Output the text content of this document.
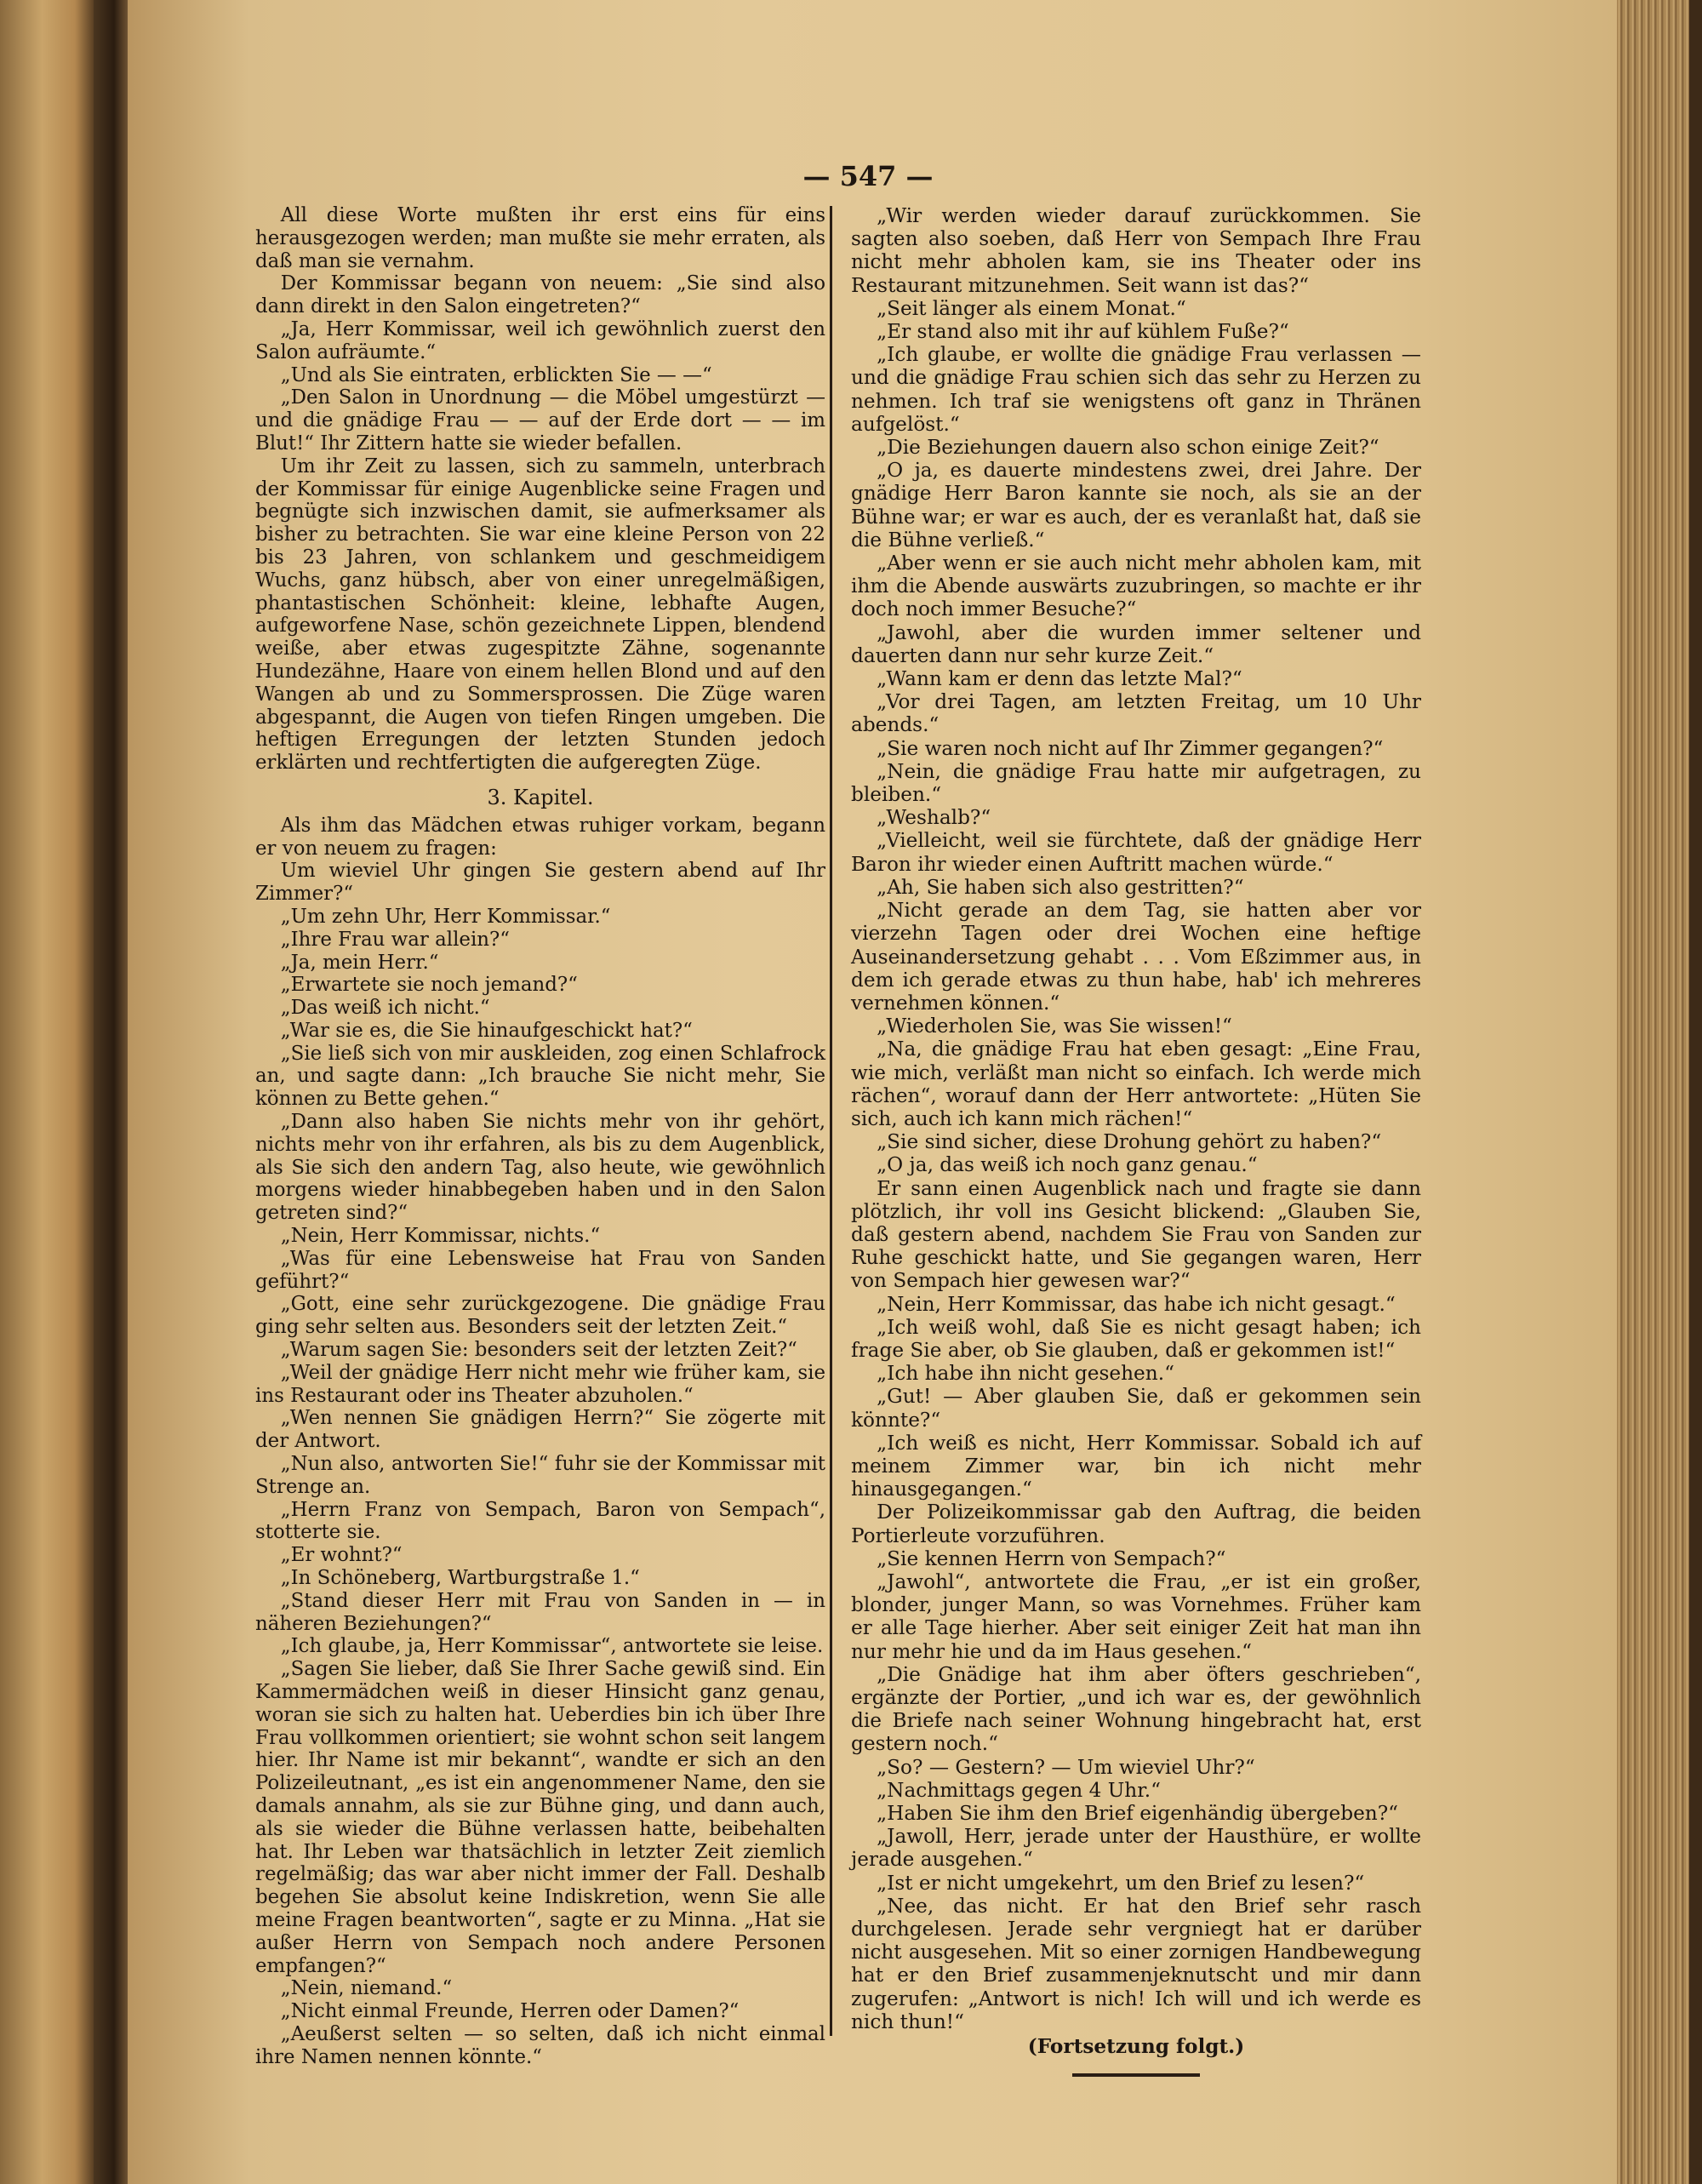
— 547 —

All diese Worte mußten ihr erst eins für eins herausgezogen werden; man mußte sie mehr erraten, als daß man sie vernahm.

Der Kommissar begann von neuem: „Sie sind also dann direkt in den Salon eingetreten?“

„Ja, Herr Kommissar, weil ich gewöhnlich zuerst den Salon aufräumte.“

„Und als Sie eintraten, erblickten Sie — —“

„Den Salon in Unordnung — die Möbel umgestürzt — und die gnädige Frau — — auf der Erde dort — — im Blut!“ Ihr Zittern hatte sie wieder befallen.

Um ihr Zeit zu lassen, sich zu sammeln, unterbrach der Kommissar für einige Augenblicke seine Fragen und begnügte sich inzwischen damit, sie aufmerksamer als bisher zu betrachten. Sie war eine kleine Person von 22 bis 23 Jahren, von schlankem und geschmeidigem Wuchs, ganz hübsch, aber von einer unregelmäßigen, phantastischen Schönheit: kleine, lebhafte Augen, aufgeworfene Nase, schön gezeichnete Lippen, blendend weiße, aber etwas zugespitzte Zähne, sogenannte Hundezähne, Haare von einem hellen Blond und auf den Wangen ab und zu Sommersprossen. Die Züge waren abgespannt, die Augen von tiefen Ringen umgeben. Die heftigen Erregungen der letzten Stunden jedoch erklärten und rechtfertigten die aufgeregten Züge.

3. Kapitel.

Als ihm das Mädchen etwas ruhiger vorkam, begann er von neuem zu fragen:

Um wieviel Uhr gingen Sie gestern abend auf Ihr Zimmer?“

„Um zehn Uhr, Herr Kommissar.“

„Ihre Frau war allein?“

„Ja, mein Herr.“

„Erwartete sie noch jemand?“

„Das weiß ich nicht.“

„War sie es, die Sie hinaufgeschickt hat?“

„Sie ließ sich von mir auskleiden, zog einen Schlafrock an, und sagte dann: „Ich brauche Sie nicht mehr, Sie können zu Bette gehen.“

„Dann also haben Sie nichts mehr von ihr gehört, nichts mehr von ihr erfahren, als bis zu dem Augenblick, als Sie sich den andern Tag, also heute, wie gewöhnlich morgens wieder hinabbegeben haben und in den Salon getreten sind?“

„Nein, Herr Kommissar, nichts.“

„Was für eine Lebensweise hat Frau von Sanden geführt?“

„Gott, eine sehr zurückgezogene. Die gnädige Frau ging sehr selten aus. Besonders seit der letzten Zeit.“

„Warum sagen Sie: besonders seit der letzten Zeit?“

„Weil der gnädige Herr nicht mehr wie früher kam, sie ins Restaurant oder ins Theater abzuholen.“

„Wen nennen Sie gnädigen Herrn?“ Sie zögerte mit der Antwort.

„Nun also, antworten Sie!“ fuhr sie der Kommissar mit Strenge an.

„Herrn Franz von Sempach, Baron von Sempach“, stotterte sie.

„Er wohnt?“

„In Schöneberg, Wartburgstraße 1.“

„Stand dieser Herr mit Frau von Sanden in — in näheren Beziehungen?“

„Ich glaube, ja, Herr Kommissar“, antwortete sie leise.

„Sagen Sie lieber, daß Sie Ihrer Sache gewiß sind. Ein Kammermädchen weiß in dieser Hinsicht ganz genau, woran sie sich zu halten hat. Ueberdies bin ich über Ihre Frau vollkommen orientiert; sie wohnt schon seit langem hier. Ihr Name ist mir bekannt“, wandte er sich an den Polizeileutnant, „es ist ein angenommener Name, den sie damals annahm, als sie zur Bühne ging, und dann auch, als sie wieder die Bühne verlassen hatte, beibehalten hat. Ihr Leben war thatsächlich in letzter Zeit ziemlich regelmäßig; das war aber nicht immer der Fall. Deshalb begehen Sie absolut keine Indiskretion, wenn Sie alle meine Fragen beantworten“, sagte er zu Minna. „Hat sie außer Herrn von Sempach noch andere Personen empfangen?“

„Nein, niemand.“

„Nicht einmal Freunde, Herren oder Damen?“

„Aeußerst selten — so selten, daß ich nicht einmal ihre Namen nennen könnte.“

„Wir werden wieder darauf zurückkommen. Sie sagten also soeben, daß Herr von Sempach Ihre Frau nicht mehr abholen kam, sie ins Theater oder ins Restaurant mitzunehmen. Seit wann ist das?“

„Seit länger als einem Monat.“

„Er stand also mit ihr auf kühlem Fuße?“

„Ich glaube, er wollte die gnädige Frau verlassen — und die gnädige Frau schien sich das sehr zu Herzen zu nehmen. Ich traf sie wenigstens oft ganz in Thränen aufgelöst.“

„Die Beziehungen dauern also schon einige Zeit?“

„O ja, es dauerte mindestens zwei, drei Jahre. Der gnädige Herr Baron kannte sie noch, als sie an der Bühne war; er war es auch, der es veranlaßt hat, daß sie die Bühne verließ.“

„Aber wenn er sie auch nicht mehr abholen kam, mit ihm die Abende auswärts zuzubringen, so machte er ihr doch noch immer Besuche?“

„Jawohl, aber die wurden immer seltener und dauerten dann nur sehr kurze Zeit.“

„Wann kam er denn das letzte Mal?“

„Vor drei Tagen, am letzten Freitag, um 10 Uhr abends.“

„Sie waren noch nicht auf Ihr Zimmer gegangen?“

„Nein, die gnädige Frau hatte mir aufgetragen, zu bleiben.“

„Weshalb?“

„Vielleicht, weil sie fürchtete, daß der gnädige Herr Baron ihr wieder einen Auftritt machen würde.“

„Ah, Sie haben sich also gestritten?“

„Nicht gerade an dem Tag, sie hatten aber vor vierzehn Tagen oder drei Wochen eine heftige Auseinandersetzung gehabt . . . Vom Eßzimmer aus, in dem ich gerade etwas zu thun habe, hab' ich mehreres vernehmen können.“

„Wiederholen Sie, was Sie wissen!“

„Na, die gnädige Frau hat eben gesagt: „Eine Frau, wie mich, verläßt man nicht so einfach. Ich werde mich rächen“, worauf dann der Herr antwortete: „Hüten Sie sich, auch ich kann mich rächen!“

„Sie sind sicher, diese Drohung gehört zu haben?“

„O ja, das weiß ich noch ganz genau.“

Er sann einen Augenblick nach und fragte sie dann plötzlich, ihr voll ins Gesicht blickend: „Glauben Sie, daß gestern abend, nachdem Sie Frau von Sanden zur Ruhe geschickt hatte, und Sie gegangen waren, Herr von Sempach hier gewesen war?“

„Nein, Herr Kommissar, das habe ich nicht gesagt.“

„Ich weiß wohl, daß Sie es nicht gesagt haben; ich frage Sie aber, ob Sie glauben, daß er gekommen ist!“

„Ich habe ihn nicht gesehen.“

„Gut! — Aber glauben Sie, daß er gekommen sein könnte?“

„Ich weiß es nicht, Herr Kommissar. Sobald ich auf meinem Zimmer war, bin ich nicht mehr hinausgegangen.“

Der Polizeikommissar gab den Auftrag, die beiden Portierleute vorzuführen.

„Sie kennen Herrn von Sempach?“

„Jawohl“, antwortete die Frau, „er ist ein großer, blonder, junger Mann, so was Vornehmes. Früher kam er alle Tage hierher. Aber seit einiger Zeit hat man ihn nur mehr hie und da im Haus gesehen.“

„Die Gnädige hat ihm aber öfters geschrieben“, ergänzte der Portier, „und ich war es, der gewöhnlich die Briefe nach seiner Wohnung hingebracht hat, erst gestern noch.“

„So? — Gestern? — Um wieviel Uhr?“

„Nachmittags gegen 4 Uhr.“

„Haben Sie ihm den Brief eigenhändig übergeben?“

„Jawoll, Herr, jerade unter der Hausthüre, er wollte jerade ausgehen.“

„Ist er nicht umgekehrt, um den Brief zu lesen?“

„Nee, das nicht. Er hat den Brief sehr rasch durchgelesen. Jerade sehr vergniegt hat er darüber nicht ausgesehen. Mit so einer zornigen Handbewegung hat er den Brief zusammenjeknutscht und mir dann zugerufen: „Antwort is nich! Ich will und ich werde es nich thun!“

(Fortsetzung folgt.)
